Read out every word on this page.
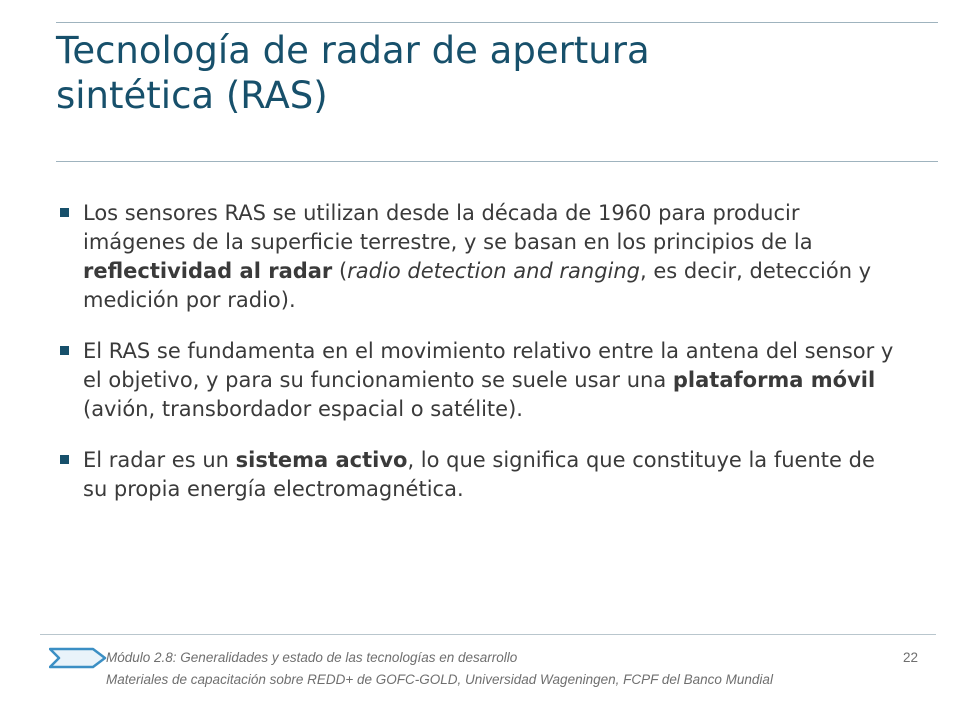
Tecnología de radar de apertura
sintética (RAS)
Los sensores RAS se utilizan desde la década de 1960 para producir imágenes de la superficie terrestre, y se basan en los principios de la reflectividad al radar (radio detection and ranging, es decir, detección y medición por radio).
El RAS se fundamenta en el movimiento relativo entre la antena del sensor y el objetivo, y para su funcionamiento se suele usar una plataforma móvil (avión, transbordador espacial o satélite).
El radar es un sistema activo, lo que significa que constituye la fuente de su propia energía electromagnética.
Módulo 2.8: Generalidades y estado de las tecnologías en desarrollo	22
Materiales de capacitación sobre REDD+ de GOFC-GOLD, Universidad Wageningen, FCPF del Banco Mundial
